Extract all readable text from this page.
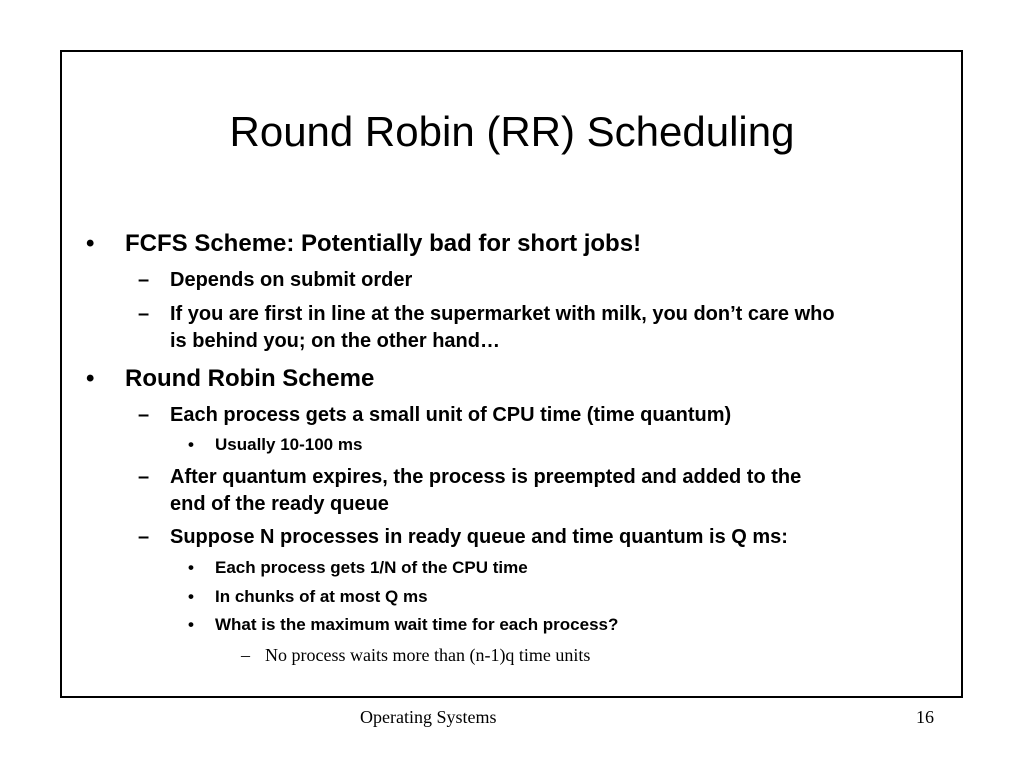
Round Robin (RR) Scheduling
• FCFS Scheme: Potentially bad for short jobs!
– Depends on submit order
– If you are first in line at the supermarket with milk, you don’t care who
is behind you; on the other hand…
• Round Robin Scheme
– Each process gets a small unit of CPU time (time quantum)
• Usually 10-100 ms
– After quantum expires, the process is preempted and added to the
end of the ready queue
– Suppose N processes in ready queue and time quantum is Q ms:
• Each process gets 1/N of the CPU time
• In chunks of at most Q ms
• What is the maximum wait time for each process?
– No process waits more than (n-1)q time units
Operating Systems	16
